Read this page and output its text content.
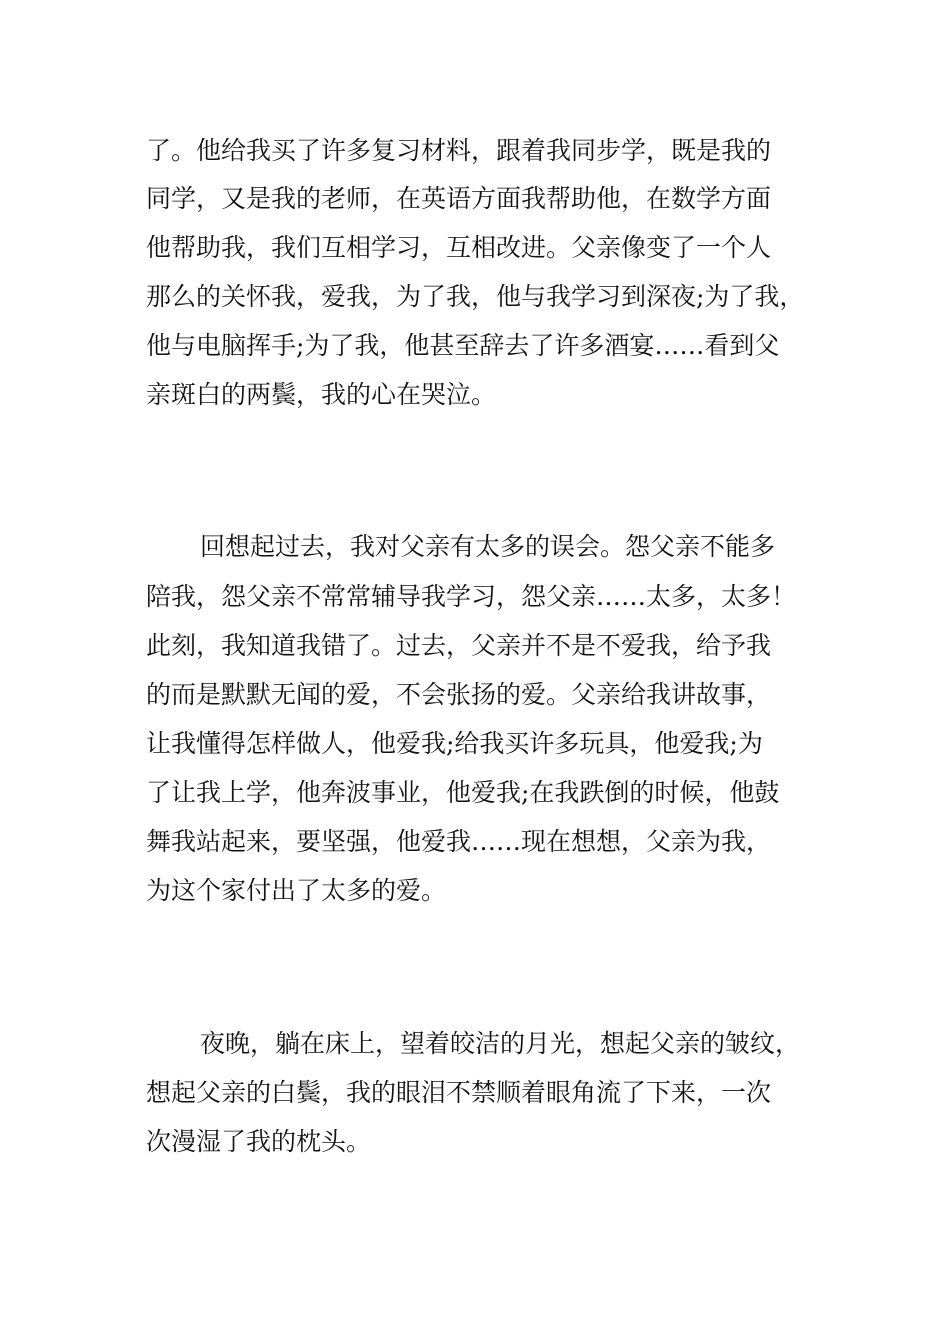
了。他给我买了许多复习材料，跟着我同步学，既是我的

同学，又是我的老师，在英语方面我帮助他，在数学方面

他帮助我，我们互相学习，互相改进。父亲像变了一个人

那么的关怀我，爱我，为了我，他与我学习到深夜;为了我，

他与电脑挥手;为了我，他甚至辞去了许多酒宴……看到父

亲斑白的两鬓，我的心在哭泣。

回想起过去，我对父亲有太多的误会。怨父亲不能多

陪我，怨父亲不常常辅导我学习，怨父亲……太多，太多！

此刻，我知道我错了。过去，父亲并不是不爱我，给予我

的而是默默无闻的爱，不会张扬的爱。父亲给我讲故事，

让我懂得怎样做人，他爱我;给我买许多玩具，他爱我;为

了让我上学，他奔波事业，他爱我;在我跌倒的时候，他鼓

舞我站起来，要坚强，他爱我……现在想想，父亲为我，

为这个家付出了太多的爱。

夜晚，躺在床上，望着皎洁的月光，想起父亲的皱纹，

想起父亲的白鬓，我的眼泪不禁顺着眼角流了下来，一次

次漫湿了我的枕头。
